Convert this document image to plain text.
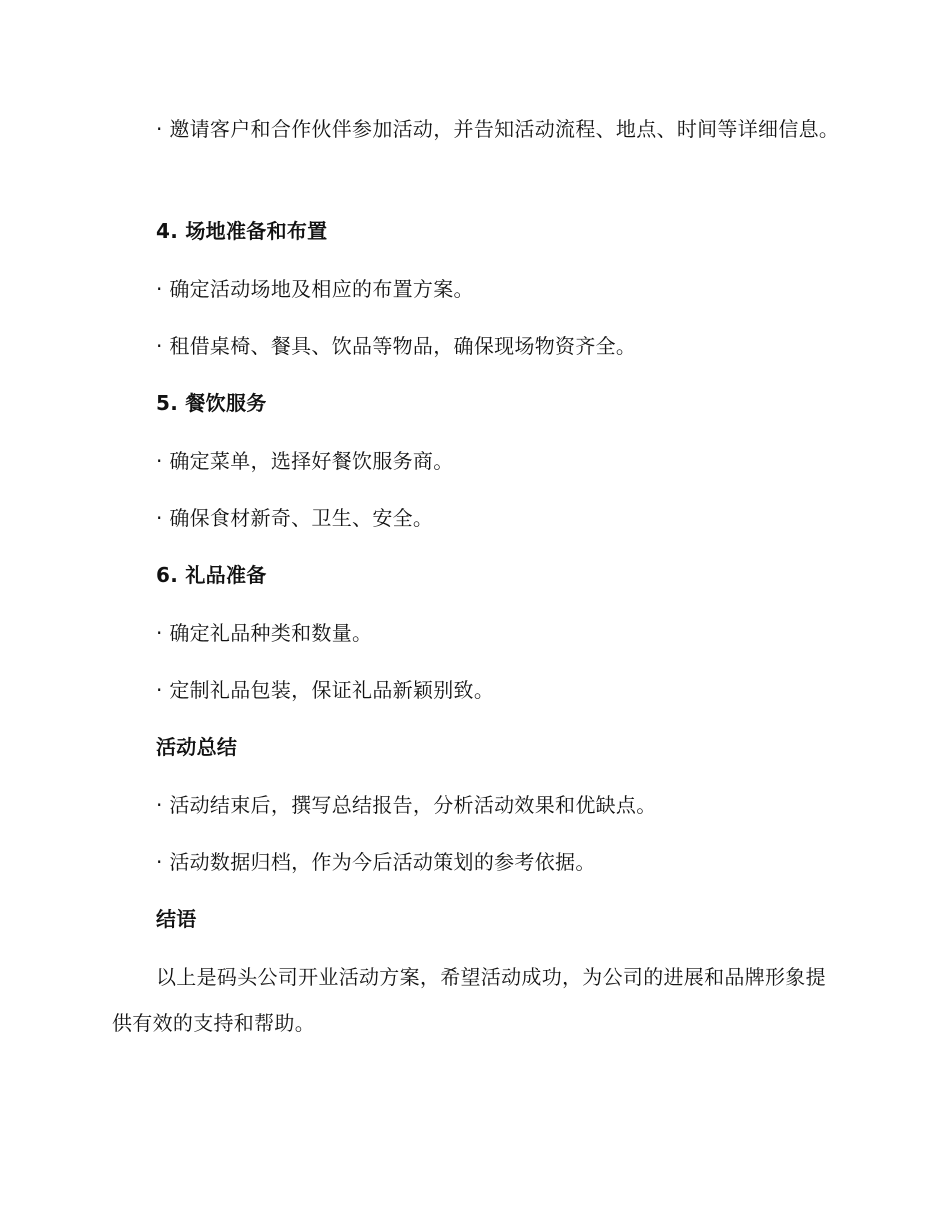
· 邀请客户和合作伙伴参加活动，并告知活动流程、地点、时间等详细信息。
4. 场地准备和布置
· 确定活动场地及相应的布置方案。
· 租借桌椅、餐具、饮品等物品，确保现场物资齐全。
5. 餐饮服务
· 确定菜单，选择好餐饮服务商。
· 确保食材新奇、卫生、安全。
6. 礼品准备
· 确定礼品种类和数量。
· 定制礼品包装，保证礼品新颖别致。
活动总结
· 活动结束后，撰写总结报告，分析活动效果和优缺点。
· 活动数据归档，作为今后活动策划的参考依据。
结语
以上是码头公司开业活动方案，希望活动成功，为公司的进展和品牌形象提供有效的支持和帮助。
